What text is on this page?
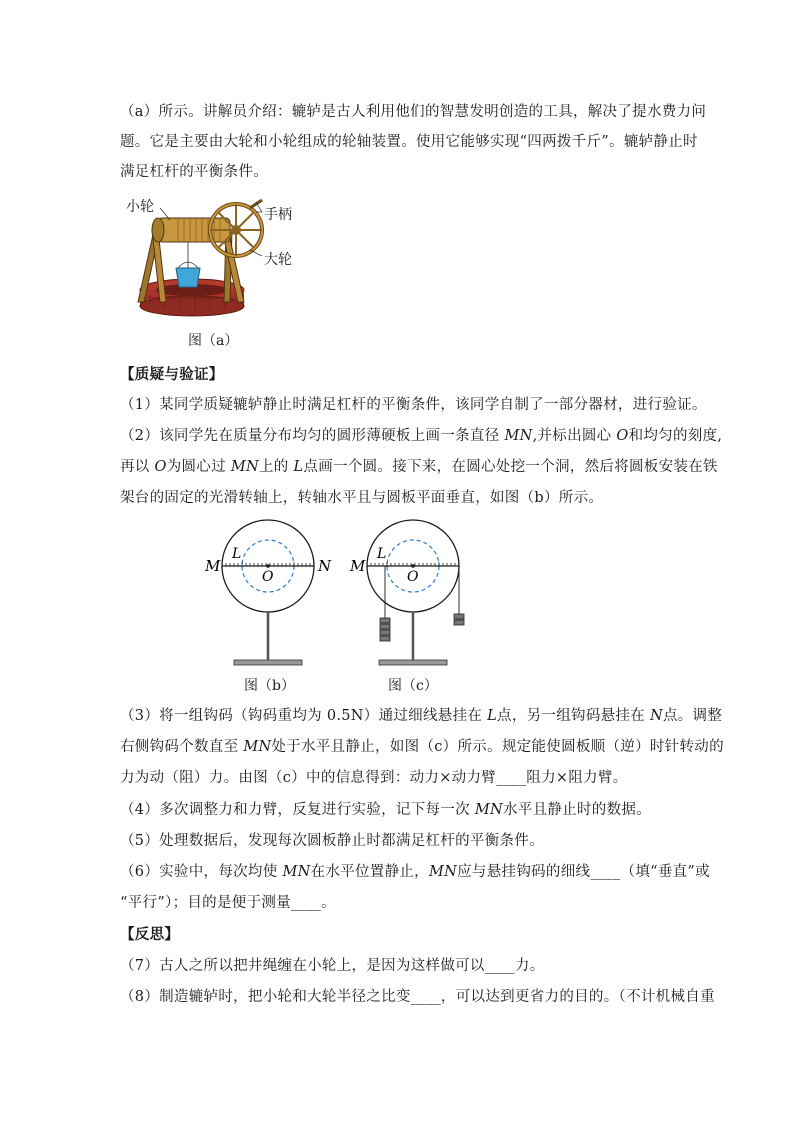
（a）所示。讲解员介绍：辘轳是古人利用他们的智慧发明创造的工具，解决了提水费力问
题。它是主要由大轮和小轮组成的轮轴装置。使用它能够实现“四两拨千斤”。辘轳静止时
满足杠杆的平衡条件。
小轮	手柄
大轮
图（a）
【质疑与验证】
（1）某同学质疑辘轳静止时满足杠杆的平衡条件，该同学自制了一部分器材，进行验证。
（2）该同学先在质量分布均匀的圆形薄硬板上画一条直径 MN,并标出圆心 O和均匀的刻度,
再以 O为圆心过 MN上的 L点画一个圆。接下来，在圆心处挖一个洞，然后将圆板安装在铁
架台的固定的光滑转轴上，转轴水平且与圆板平面垂直，如图（b）所示。
M	N
L
O
M
L
O
图（b）	图（c）
（3）将一组钩码（钩码重均为 0.5N）通过细线悬挂在 L点，另一组钩码悬挂在 N点。调整
右侧钩码个数直至 MN处于水平且静止，如图（c）所示。规定能使圆板顺（逆）时针转动的
力为动（阻）力。由图（c）中的信息得到：动力×动力臂____阻力×阻力臂。
（4）多次调整力和力臂，反复进行实验，记下每一次 MN水平且静止时的数据。
（5）处理数据后，发现每次圆板静止时都满足杠杆的平衡条件。
（6）实验中，每次均使 MN在水平位置静止，MN应与悬挂钩码的细线____（填“垂直”或
“平行”）；目的是便于测量____。
【反思】
（7）古人之所以把井绳缠在小轮上，是因为这样做可以____力。
（8）制造辘轳时，把小轮和大轮半径之比变____，可以达到更省力的目的。（不计机械自重
